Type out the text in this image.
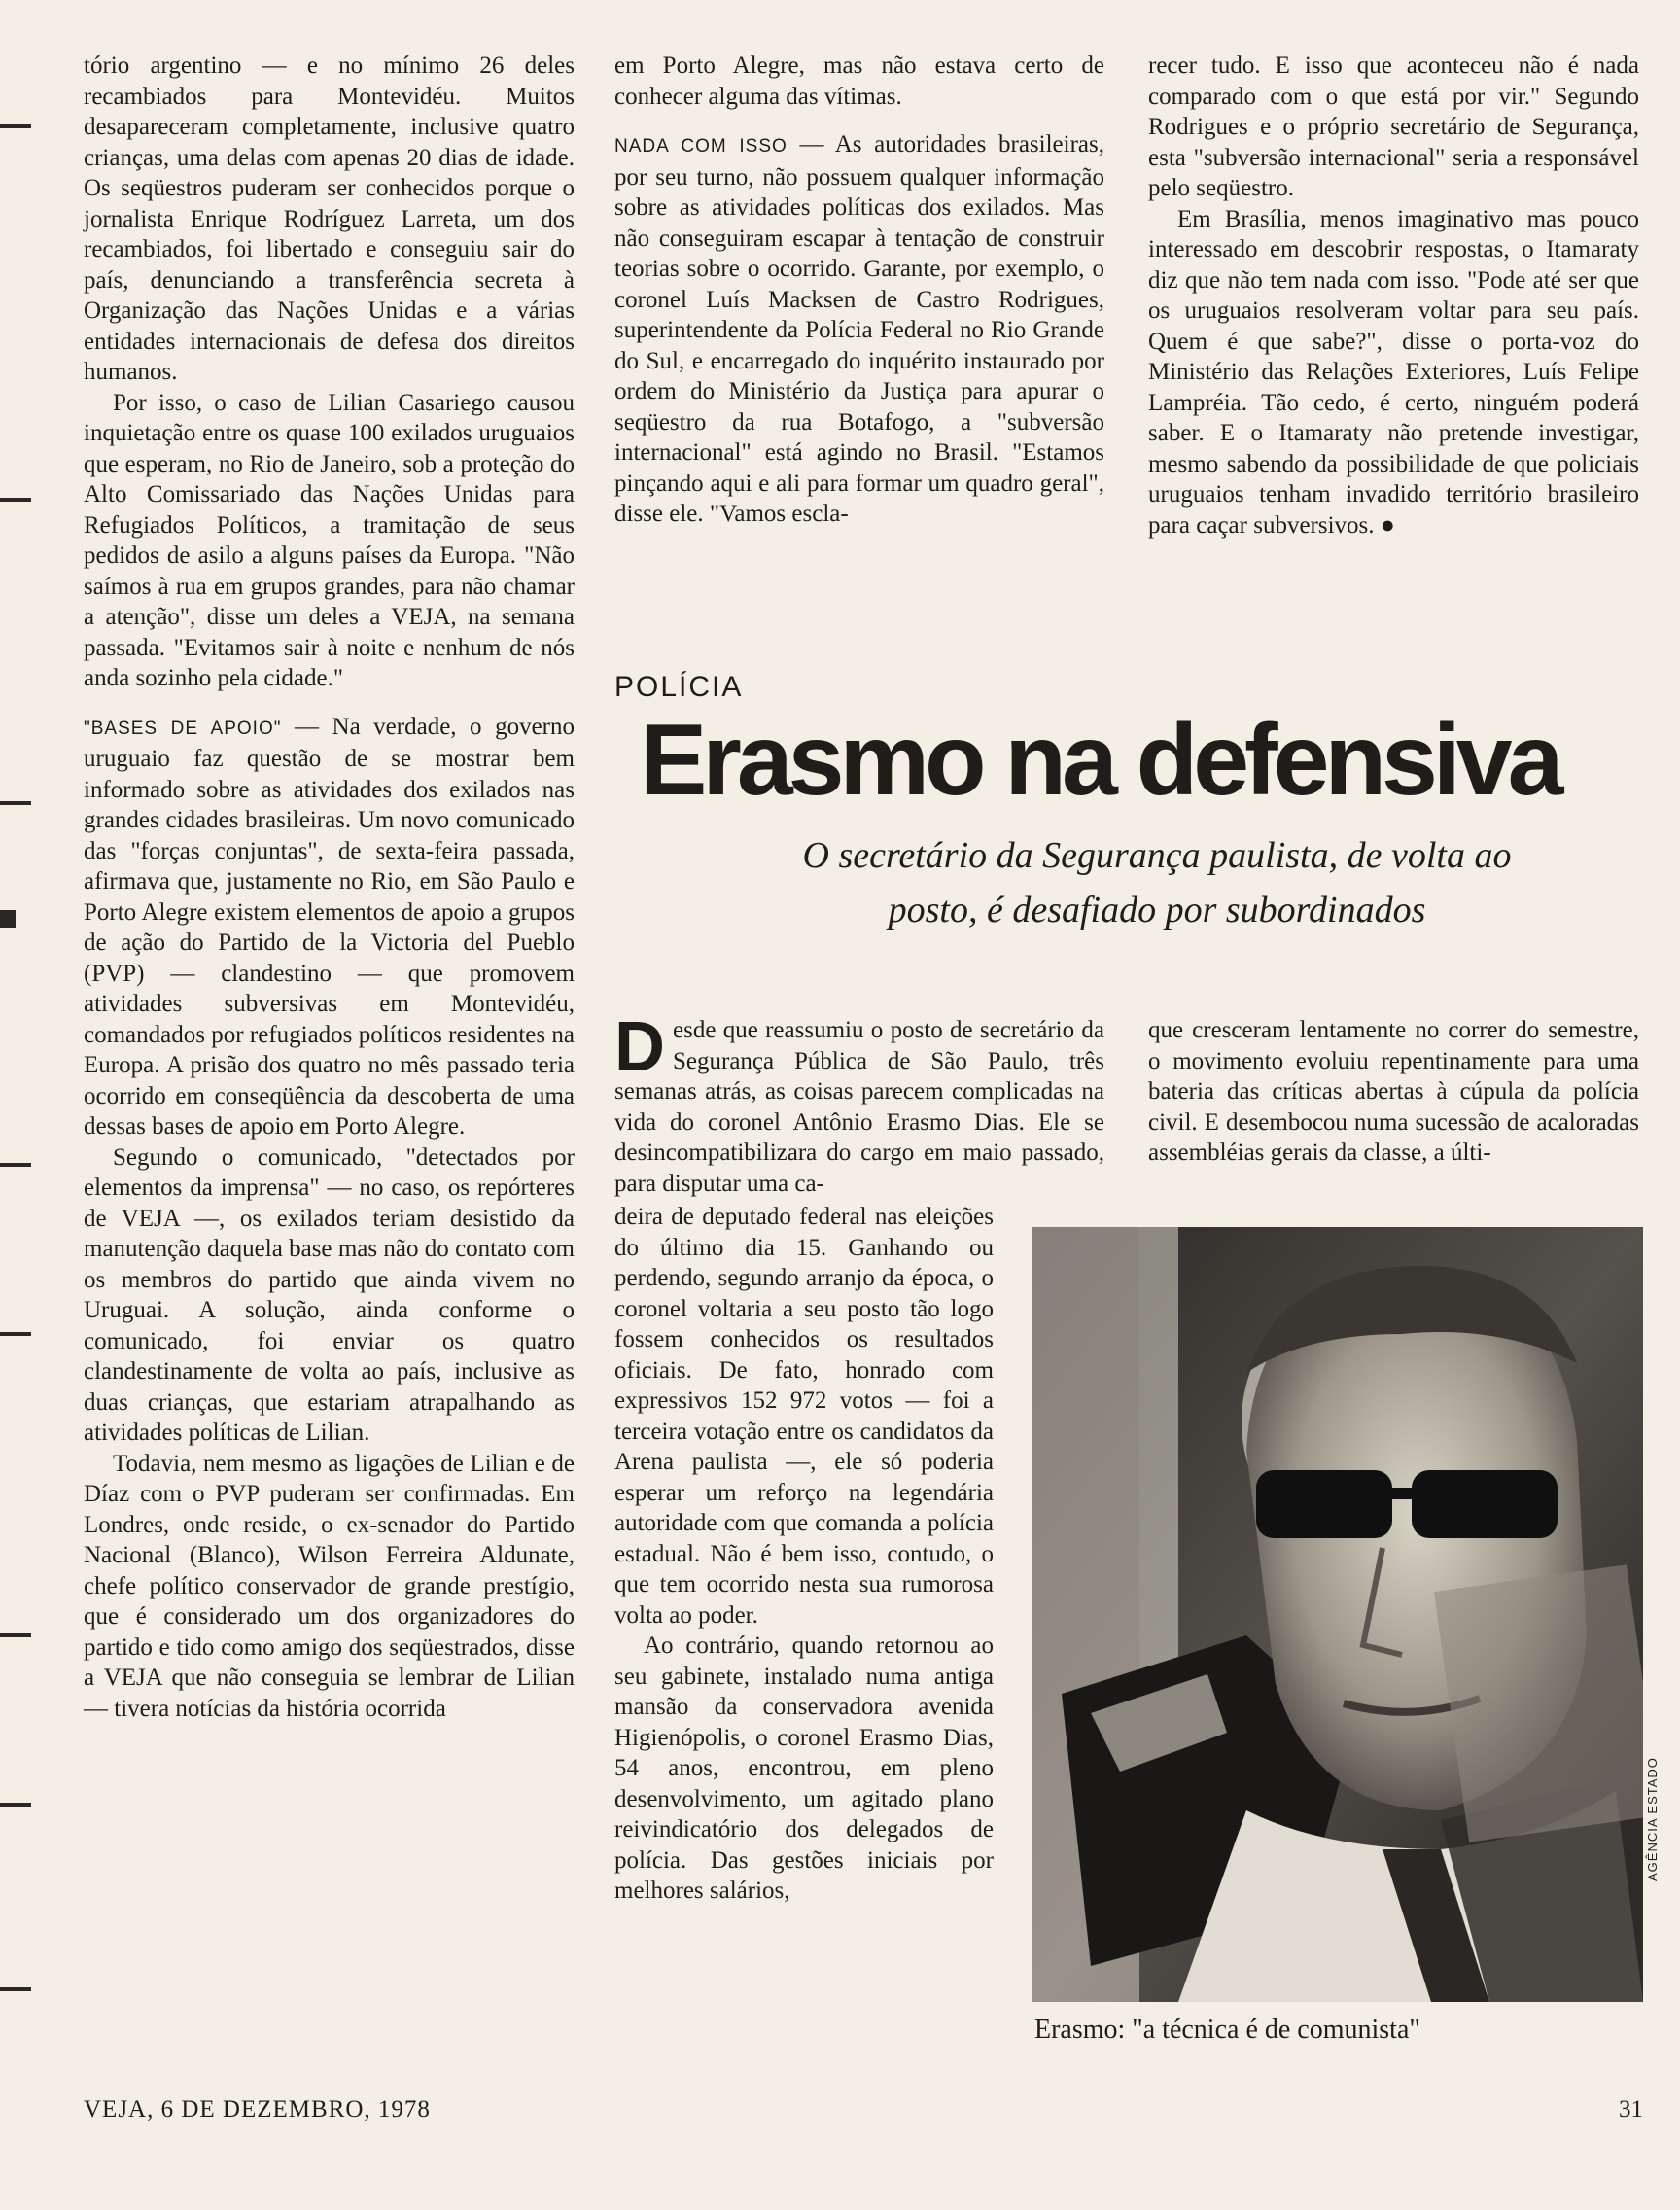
tório argentino — e no mínimo 26 deles recambiados para Montevidéu. Muitos desapareceram completamente, inclusive quatro crianças, uma delas com apenas 20 dias de idade. Os seqüestros puderam ser conhecidos porque o jornalista Enrique Rodríguez Larreta, um dos recambiados, foi libertado e conseguiu sair do país, denunciando a transferência secreta à Organização das Nações Unidas e a várias entidades internacionais de defesa dos direitos humanos.

Por isso, o caso de Lilian Casariego causou inquietação entre os quase 100 exilados uruguaios que esperam, no Rio de Janeiro, sob a proteção do Alto Comissariado das Nações Unidas para Refugiados Políticos, a tramitação de seus pedidos de asilo a alguns países da Europa. "Não saímos à rua em grupos grandes, para não chamar a atenção", disse um deles a VEJA, na semana passada. "Evitamos sair à noite e nenhum de nós anda sozinho pela cidade."

"BASES DE APOIO" — Na verdade, o governo uruguaio faz questão de se mostrar bem informado sobre as atividades dos exilados nas grandes cidades brasileiras. Um novo comunicado das "forças conjuntas", de sexta-feira passada, afirmava que, justamente no Rio, em São Paulo e Porto Alegre existem elementos de apoio a grupos de ação do Partido de la Victoria del Pueblo (PVP) — clandestino — que promovem atividades subversivas em Montevidéu, comandados por refugiados políticos residentes na Europa. A prisão dos quatro no mês passado teria ocorrido em conseqüência da descoberta de uma dessas bases de apoio em Porto Alegre.

Segundo o comunicado, "detectados por elementos da imprensa" — no caso, os repórteres de VEJA —, os exilados teriam desistido da manutenção daquela base mas não do contato com os membros do partido que ainda vivem no Uruguai. A solução, ainda conforme o comunicado, foi enviar os quatro clandestinamente de volta ao país, inclusive as duas crianças, que estariam atrapalhando as atividades políticas de Lilian.

Todavia, nem mesmo as ligações de Lilian e de Díaz com o PVP puderam ser confirmadas. Em Londres, onde reside, o ex-senador do Partido Nacional (Blanco), Wilson Ferreira Aldunate, chefe político conservador de grande prestígio, que é considerado um dos organizadores do partido e tido como amigo dos seqüestrados, disse a VEJA que não conseguia se lembrar de Lilian — tivera notícias da história ocorrida

em Porto Alegre, mas não estava certo de conhecer alguma das vítimas.

NADA COM ISSO — As autoridades brasileiras, por seu turno, não possuem qualquer informação sobre as atividades políticas dos exilados. Mas não conseguiram escapar à tentação de construir teorias sobre o ocorrido. Garante, por exemplo, o coronel Luís Macksen de Castro Rodrigues, superintendente da Polícia Federal no Rio Grande do Sul, e encarregado do inquérito instaurado por ordem do Ministério da Justiça para apurar o seqüestro da rua Botafogo, a "subversão internacional" está agindo no Brasil. "Estamos pinçando aqui e ali para formar um quadro geral", disse ele. "Vamos escla-

recer tudo. E isso que aconteceu não é nada comparado com o que está por vir." Segundo Rodrigues e o próprio secretário de Segurança, esta "subversão internacional" seria a responsável pelo seqüestro.

Em Brasília, menos imaginativo mas pouco interessado em descobrir respostas, o Itamaraty diz que não tem nada com isso. "Pode até ser que os uruguaios resolveram voltar para seu país. Quem é que sabe?", disse o porta-voz do Ministério das Relações Exteriores, Luís Felipe Lampréia. Tão cedo, é certo, ninguém poderá saber. E o Itamaraty não pretende investigar, mesmo sabendo da possibilidade de que policiais uruguaios tenham invadido território brasileiro para caçar subversivos. ●

POLÍCIA
Erasmo na defensiva
O secretário da Segurança paulista, de volta ao posto, é desafiado por subordinados

Desde que reassumiu o posto de secretário da Segurança Pública de São Paulo, três semanas atrás, as coisas parecem complicadas na vida do coronel Antônio Erasmo Dias. Ele se desincompatibilizara do cargo em maio passado, para disputar uma ca-

deira de deputado federal nas eleições do último dia 15. Ganhando ou perdendo, segundo arranjo da época, o coronel voltaria a seu posto tão logo fossem conhecidos os resultados oficiais. De fato, honrado com expressivos 152 972 votos — foi a terceira votação entre os candidatos da Arena paulista —, ele só poderia esperar um reforço na legendária autoridade com que comanda a polícia estadual. Não é bem isso, contudo, o que tem ocorrido nesta sua rumorosa volta ao poder.

Ao contrário, quando retornou ao seu gabinete, instalado numa antiga mansão da conservadora avenida Higienópolis, o coronel Erasmo Dias, 54 anos, encontrou, em pleno desenvolvimento, um agitado plano reivindicatório dos delegados de polícia. Das gestões iniciais por melhores salários,

que cresceram lentamente no correr do semestre, o movimento evoluiu repentinamente para uma bateria das críticas abertas à cúpula da polícia civil. E desembocou numa sucessão de acaloradas assembléias gerais da classe, a últi-

AGÊNCIA ESTADO
Erasmo: "a técnica é de comunista"
VEJA, 6 DE DEZEMBRO, 1978	31
